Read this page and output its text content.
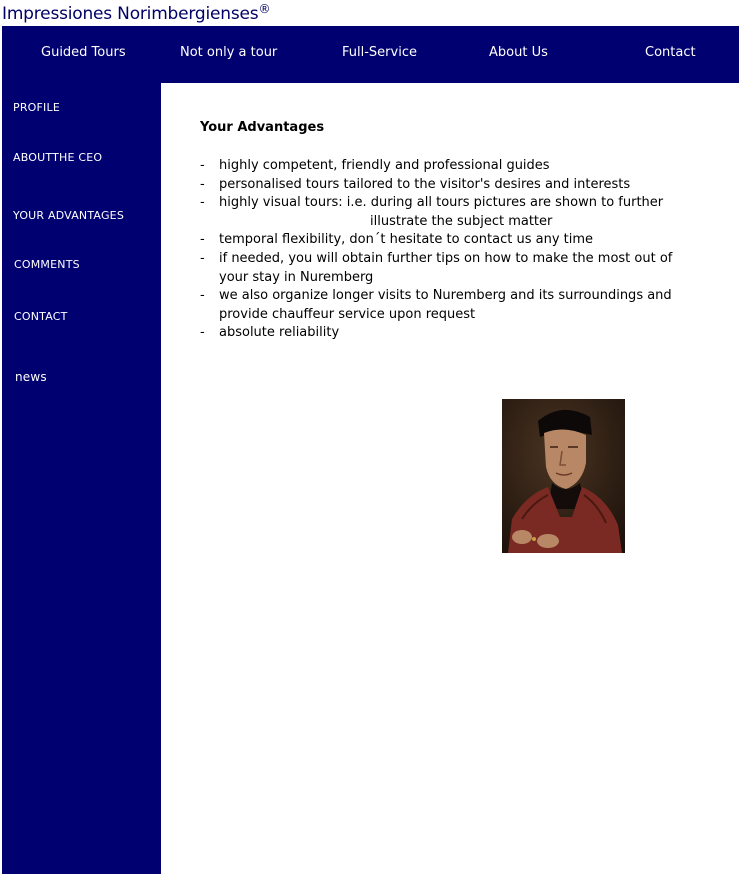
Impressiones Norimbergienses®
Guided Tours	Not only a tour	Full-Service	About Us	Contact
PROFILE
ABOUTTHE CEO
YOUR ADVANTAGES
COMMENTS
CONTACT
news
Your Advantages
- highly competent, friendly and professional guides
- personalised tours tailored to the visitor's desires and interests
- highly visual tours: i.e. during all tours pictures are shown to further
illustrate the subject matter
- temporal flexibility, don´t hesitate to contact us any time
- if needed, you will obtain further tips on how to make the most out of your stay in Nuremberg
- we also organize longer visits to Nuremberg and its surroundings and provide chauffeur service upon request
- absolute reliability
